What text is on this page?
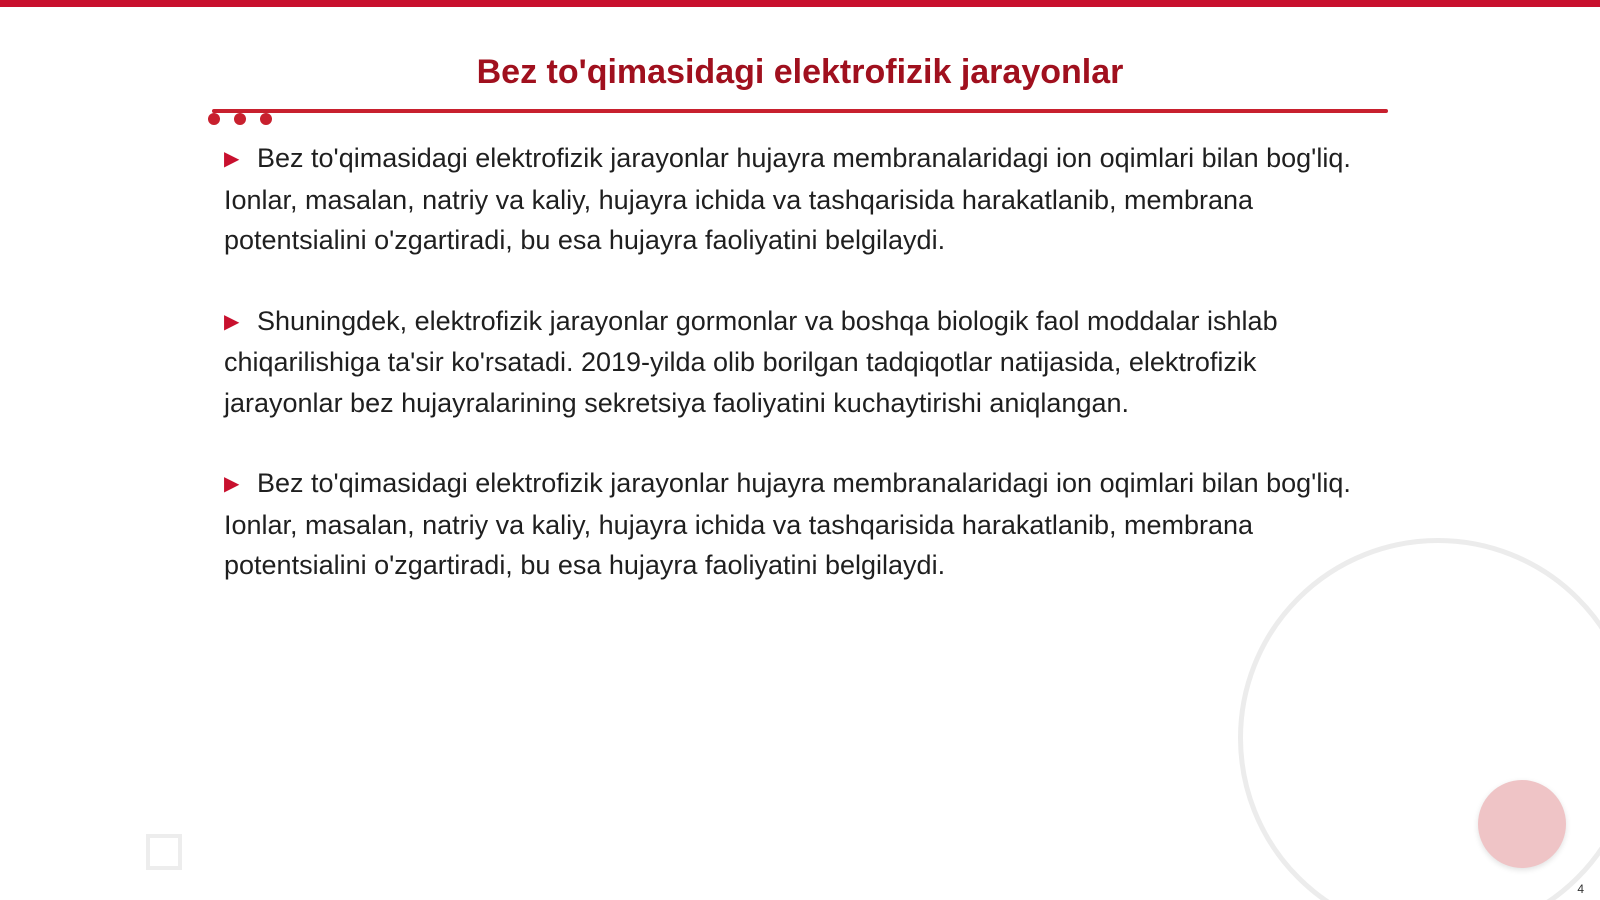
Bez to'qimasidagi elektrofizik jarayonlar

▶ Bez to'qimasidagi elektrofizik jarayonlar hujayra membranalaridagi ion oqimlari bilan bog'liq. Ionlar, masalan, natriy va kaliy, hujayra ichida va tashqarisida harakatlanib, membrana potentsialini o'zgartiradi, bu esa hujayra faoliyatini belgilaydi.

▶ Shuningdek, elektrofizik jarayonlar gormonlar va boshqa biologik faol moddalar ishlab chiqarilishiga ta'sir ko'rsatadi. 2019-yilda olib borilgan tadqiqotlar natijasida, elektrofizik jarayonlar bez hujayralarining sekretsiya faoliyatini kuchaytirishi aniqlangan.

▶ Bez to'qimasidagi elektrofizik jarayonlar hujayra membranalaridagi ion oqimlari bilan bog'liq. Ionlar, masalan, natriy va kaliy, hujayra ichida va tashqarisida harakatlanib, membrana potentsialini o'zgartiradi, bu esa hujayra faoliyatini belgilaydi.

4
